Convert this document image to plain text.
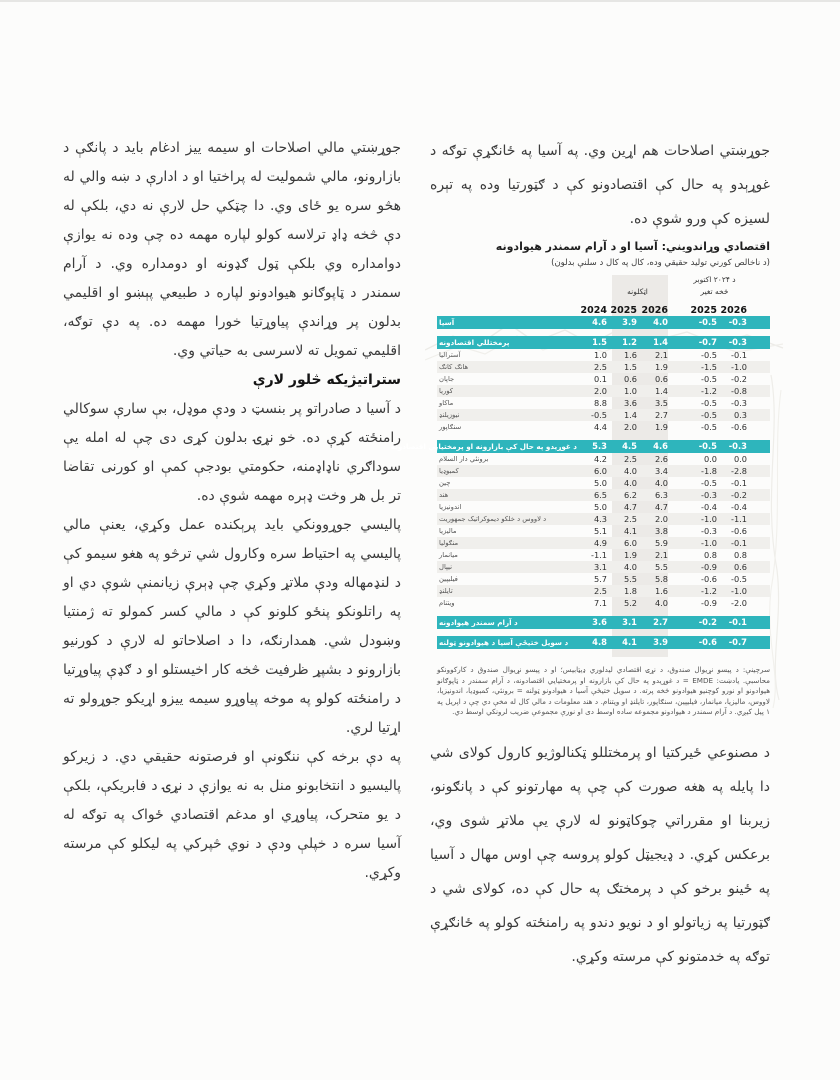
جوړښتي مالي اصلاحات او سیمه ییز ادغام باید د پانګې د بازارونو، مالي شمولیت له پراختیا او د ادارې د ښه والي له هڅو سره یو ځای وي. دا چټکي حل لارې نه دي، بلکې له دې څخه ډاډ ترلاسه کولو لپاره مهمه ده چې وده نه یوازې دوامداره وي بلکې ټول ګډونه او دومداره وي. د آرام سمندر د ټاپوګانو هیوادونو لپاره د طبیعي پېښو او اقلیمي بدلون پر وړاندې پیاوړتیا خورا مهمه ده. په دې توګه، اقلیمي تمویل ته لاسرسی به حیاتي وي.

ستراتیژیکه څلور لارې

د آسیا د صادراتو پر بنسټ د ودې موډل، بې سارې سوکالي رامنځته کړې ده. خو نړۍ بدلون کړی دی چې له امله یې سوداګري ناډاډمنه، حکومتي بودجې کمې او کورنی تقاضا تر بل هر وخت ډېره مهمه شوې ده.

پالیسي جوړوونکي باید پرېکنده عمل وکړي، یعنې مالي پالیسي په احتیاط سره وکارول شي ترڅو په هغو سیمو کې د لنډمهاله ودې ملاتړ وکړي چې ډېرې زیانمنې شوې دي او په راتلونکو پنځو کلونو کې د مالي کسر کمولو ته ژمنتیا وښودل شي. همدارنګه، دا د اصلاحاتو له لارې د کورنیو بازارونو د بشپړ ظرفیت څخه کار اخیستلو او د ګډې پیاوړتیا د رامنځته کولو په موخه پیاوړو سیمه ییزو اړیکو جوړولو ته اړتیا لري.

په دې برخه کې ننګونې او فرصتونه حقیقي دي. د زیرکو پالیسیو د انتخابونو منل به نه یوازې د نړۍ د فابریکې، بلکې د یو متحرک، پیاوړي او مدغم اقتصادي ځواک په توګه له آسیا سره د خپلې ودې د نوي څپرکي په لیکلو کې مرسته وکړي.

جوړښتي اصلاحات هم اړین وي. په آسیا په ځانګړې توګه د غوړېدو په حال کې اقتصادونو کې د ګټورتیا وده په تېره لسیزه کې ورو شوې ده.

اقتصادي وړاندویني: آسیا او د آرام سمندر هیوادونه
(د ناخالص کورني تولید حقیقي وده، کال په کال د سلنې بدلون)
د ۲۰۲۴ اکتوبر
اټکلونه	څخه تغیر
2024 2025 2026	2025 2026
آسیا	4.6	3.9	4.0	-0.5	-0.3
پرمختللي اقتصادونه	1.5	1.2	1.4	-0.7	-0.3
آسترالیا	1.0	1.6	2.1	-0.5	-0.1
هانګ کانګ	2.5	1.5	1.9	-1.5	-1.0
جاپان	0.1	0.6	0.6	-0.5	-0.2
کوریا	2.0	1.0	1.4	-1.2	-0.8
ماکاو	8.8	3.6	3.5	-0.5	-0.3
نیوزیلنډ	-0.5	1.4	2.7	-0.5	0.3
سنګاپور	4.4	2.0	1.9	-0.5	-0.6
د غوړیدو په حال کې بازارونه او پرمختیايي اقتصادونه	5.3	4.5	4.6	-0.5	-0.3
برونئي دار السلام	4.2	2.5	2.6	0.0	0.0
کمبوډیا	6.0	4.0	3.4	-1.8	-2.8
چین	5.0	4.0	4.0	-0.5	-0.1
هند	6.5	6.2	6.3	-0.3	-0.2
اندونیزیا	5.0	4.7	4.7	-0.4	-0.4
د لاووس د خلکو دیموکراتیک جمهوریت	4.3	2.5	2.0	-1.0	-1.1
مالیزیا	5.1	4.1	3.8	-0.3	-0.6
منګولیا	4.9	6.0	5.9	-1.0	-0.1
میانمار	-1.1	1.9	2.1	0.8	0.8
نیپال	3.1	4.0	5.5	-0.9	0.6
فیلیپین	5.7	5.5	5.8	-0.6	-0.5
تایلنډ	2.5	1.8	1.6	-1.2	-1.0
ویتنام	7.1	5.2	4.0	-0.9	-2.0
د آرام سمندر هیوادونه	3.6	3.1	2.7	-0.2	-0.1
د سویل ختیځې آسیا د هیوادونو ټولنه	4.8	4.1	3.9	-0.6	-0.7
سرچینې: د پیسو نړیوال صندوق، د نړۍ اقتصادي لیدلوري ډیټابیس؛ او د پیسو نړیوال صندوق د کارکوونکو محاسبې. یادښت: EMDE = د غوړیدو په حال کې بازارونه او پرمختیایي اقتصادونه، د آرام سمندر د ټاپوګانو هیوادونو او نورو کوچنیو هیوادونو څخه پرته. د سویل ختیځې آسیا د هیوادونو ټولنه = برونئي، کمبوډیا، اندونیزیا، لاووس، مالیزیا، میانمار، فیلیپین، سنګاپور، تایلنډ او ویتنام. د هند معلومات د مالي کال له مخې دي چې د اپریل په ۱ پیل کیږي. د آرام سمندر د هیوادونو مجموعه ساده اوسط دی او نورې مجموعې ضریب لرونکي اوسط دي.

د مصنوعي ځیرکتیا او پرمختللو ټکنالوژیو کارول کولای شي دا پایله په هغه صورت کې چې په مهارتونو کې د پانګونو، زیربنا او مقرراتي چوکاټونو له لارې یې ملاتړ شوی وي، برعکس کړي. د ډیجیټل کولو پروسه چې اوس مهال د آسیا په ځینو برخو کې د پرمختګ په حال کې ده، کولای شي د ګټورتیا په زیاتولو او د نویو دندو په رامنځته کولو په ځانګړې توګه په خدمتونو کې مرسته وکړي.
